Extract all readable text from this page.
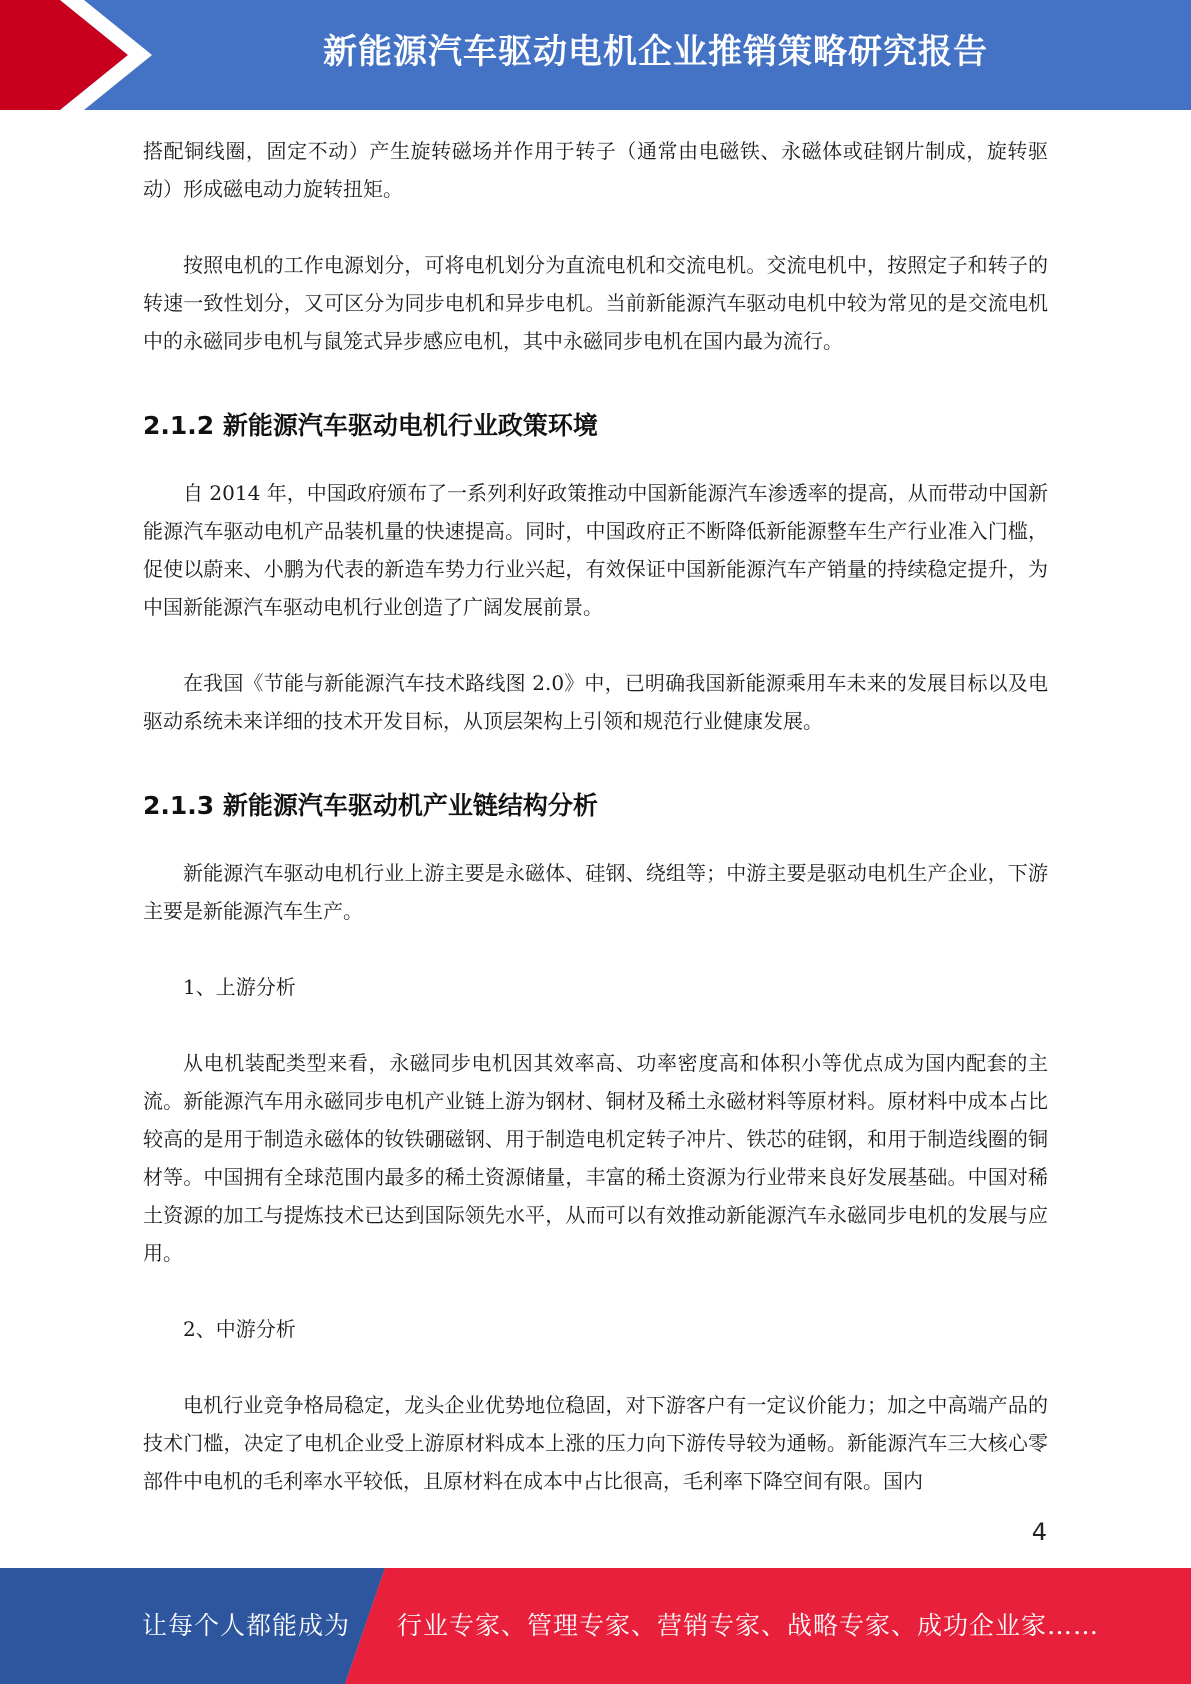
新能源汽车驱动电机企业推销策略研究报告

搭配铜线圈，固定不动）产生旋转磁场并作用于转子（通常由电磁铁、永磁体或硅钢片制成，旋转驱动）形成磁电动力旋转扭矩。

按照电机的工作电源划分，可将电机划分为直流电机和交流电机。交流电机中，按照定子和转子的转速一致性划分，又可区分为同步电机和异步电机。当前新能源汽车驱动电机中较为常见的是交流电机中的永磁同步电机与鼠笼式异步感应电机，其中永磁同步电机在国内最为流行。

2.1.2 新能源汽车驱动电机行业政策环境

自 2014 年，中国政府颁布了一系列利好政策推动中国新能源汽车渗透率的提高，从而带动中国新能源汽车驱动电机产品装机量的快速提高。同时，中国政府正不断降低新能源整车生产行业准入门槛，促使以蔚来、小鹏为代表的新造车势力行业兴起，有效保证中国新能源汽车产销量的持续稳定提升，为中国新能源汽车驱动电机行业创造了广阔发展前景。

在我国《节能与新能源汽车技术路线图 2.0》中，已明确我国新能源乘用车未来的发展目标以及电驱动系统未来详细的技术开发目标，从顶层架构上引领和规范行业健康发展。

2.1.3 新能源汽车驱动机产业链结构分析

新能源汽车驱动电机行业上游主要是永磁体、硅钢、绕组等；中游主要是驱动电机生产企业，下游主要是新能源汽车生产。

1、上游分析

从电机装配类型来看，永磁同步电机因其效率高、功率密度高和体积小等优点成为国内配套的主流。新能源汽车用永磁同步电机产业链上游为钢材、铜材及稀土永磁材料等原材料。原材料中成本占比较高的是用于制造永磁体的钕铁硼磁钢、用于制造电机定转子冲片、铁芯的硅钢，和用于制造线圈的铜材等。中国拥有全球范围内最多的稀土资源储量，丰富的稀土资源为行业带来良好发展基础。中国对稀土资源的加工与提炼技术已达到国际领先水平，从而可以有效推动新能源汽车永磁同步电机的发展与应用。

2、中游分析

电机行业竞争格局稳定，龙头企业优势地位稳固，对下游客户有一定议价能力；加之中高端产品的技术门槛，决定了电机企业受上游原材料成本上涨的压力向下游传导较为通畅。新能源汽车三大核心零部件中电机的毛利率水平较低，且原材料在成本中占比很高，毛利率下降空间有限。国内

4
让每个人都能成为 行业专家、管理专家、营销专家、战略专家、成功企业家……
